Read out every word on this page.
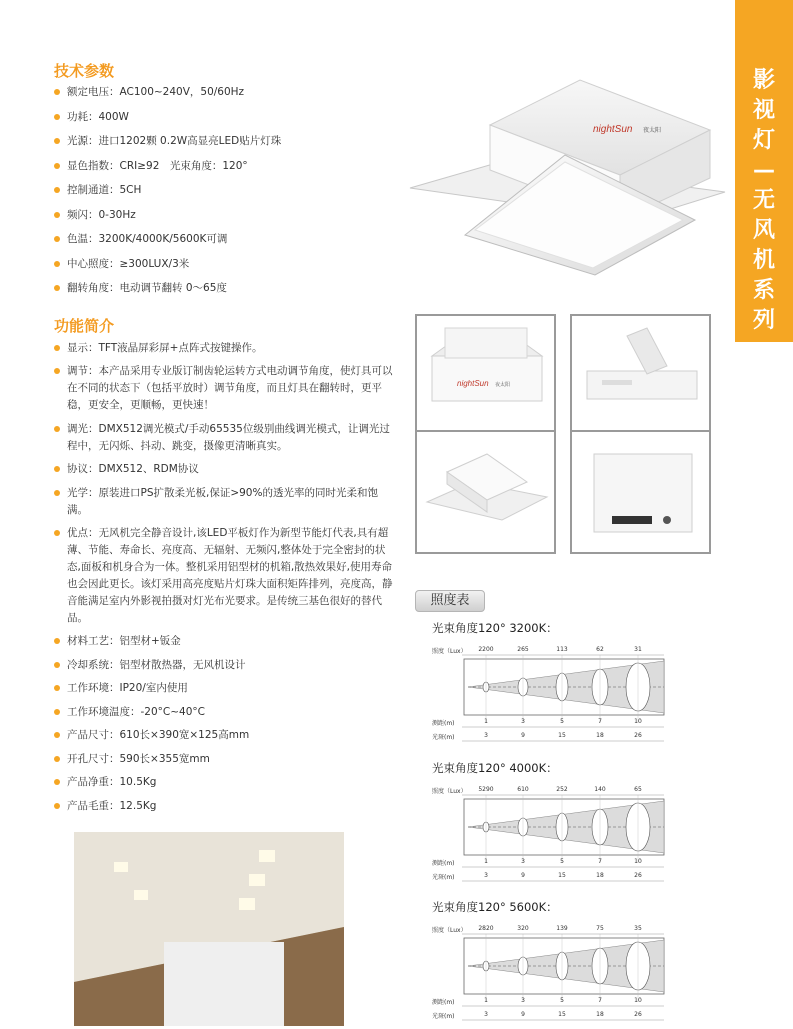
影
视
灯
—
无
风
机
系
列
技术参数
额定电压：AC100~240V，50/60Hz
功耗：400W
光源：进口1202颗 0.2W高显亮LED贴片灯珠
显色指数：CRI≥92　光束角度：120°
控制通道：5CH
频闪：0-30Hz
色温：3200K/4000K/5600K可调
中心照度：≥300LUX/3米
翻转角度：电动调节翻转 0～65度
功能简介
显示：TFT液晶屏彩屏+点阵式按键操作。
调节：本产品采用专业版订制齿轮运转方式电动调节角度，使灯具可以在不同的状态下（包括平放时）调节角度，而且灯具在翻转时，更平稳，更安全，更顺畅，更快速！
调光：DMX512调光模式/手动65535位级别曲线调光模式，让调光过程中，无闪烁、抖动、跳变，摄像更清晰真实。
协议：DMX512、RDM协议
光学：原装进口PS扩散柔光板,保证>90%的透光率的同时光柔和饱满。
优点：无风机完全静音设计,该LED平板灯作为新型节能灯代表,具有超薄、节能、寿命长、亮度高、无辐射、无频闪,整体处于完全密封的状态,面板和机身合为一体。整机采用铝型材的机箱,散热效果好,使用寿命也会因此更长。该灯采用高亮度贴片灯珠大面积矩阵排列，亮度高，静音能满足室内外影视拍摄对灯光布光要求。是传统三基色很好的替代品。
材料工艺：铝型材+钣金
冷却系统：铝型材散热器，无风机设计
工作环境：IP20/室内使用
工作环境温度：-20°C~40°C
产品尺寸：610长×390宽×125高mm
开孔尺寸：590长×355宽mm
产品净重：10.5Kg
产品毛重：12.5Kg
nightSun 夜太阳
nightSun 夜太阳
照度表
光束角度120° 3200K：
光束角度120° 4000K：
光束角度120° 5600K：
照度（Lux）
测距(m)
光斑(m)
2200
1
3
265
3
9
113
5
15
62
7
18
31
10
26
照度（Lux）
测距(m)
光斑(m)
5290
1
3
610
3
9
252
5
15
140
7
18
65
10
26
照度（Lux）
测距(m)
光斑(m)
2820
1
3
320
3
9
139
5
15
75
7
18
35
10
26
